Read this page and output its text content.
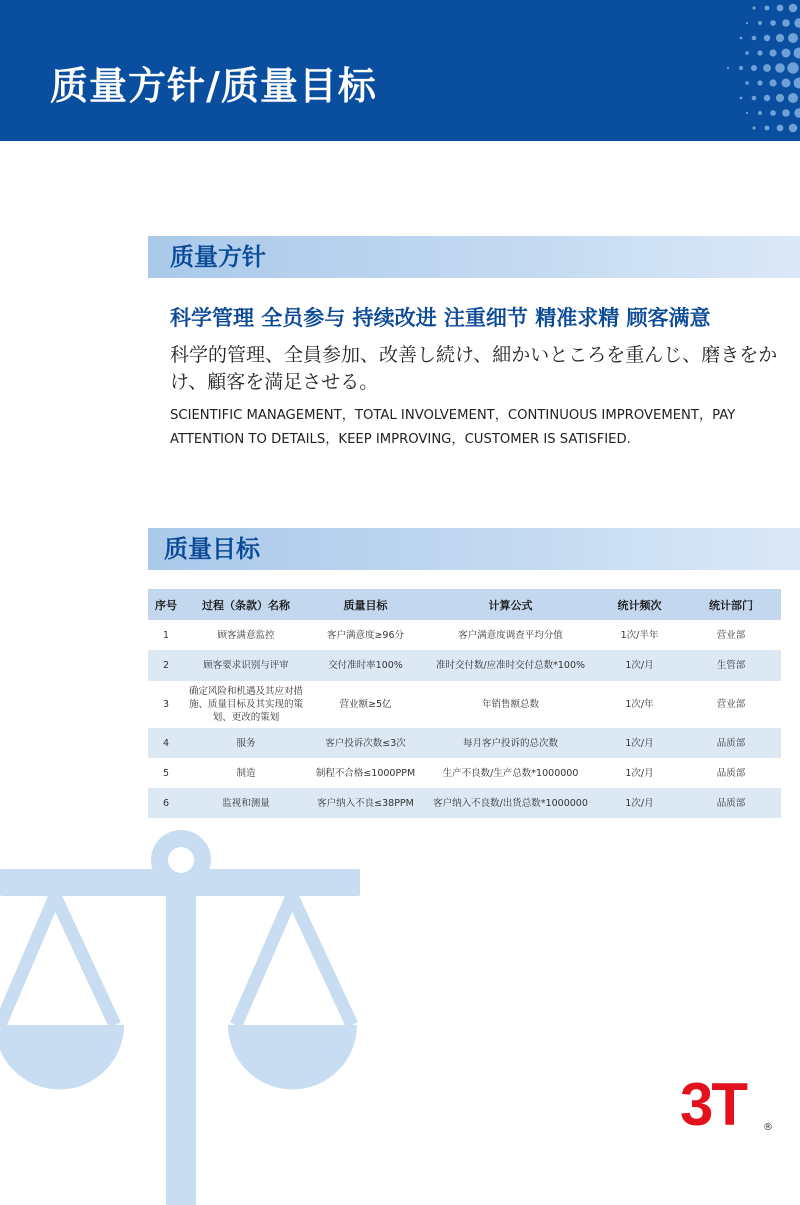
质量方针/质量目标
质量方针
科学管理 全员参与 持续改进 注重细节 精准求精 顾客满意
科学的管理、全員参加、改善し続け、細かいところを重んじ、磨きをかけ、顧客を満足させる。
SCIENTIFIC MANAGEMENT，TOTAL INVOLVEMENT，CONTINUOUS IMPROVEMENT，PAY ATTENTION TO DETAILS，KEEP IMPROVING，CUSTOMER IS SATISFIED.
质量目标
序号	过程（条款）名称	质量目标	计算公式	统计频次	统计部门
1	顾客满意监控	客户满意度≥96分	客户满意度调查平均分值	1次/半年	营业部
2	顾客要求识别与评审	交付准时率100%	准时交付数/应准时交付总数*100%	1次/月	生管部
3	确定风险和机遇及其应对措施、质量目标及其实现的策划、更改的策划	营业额≥5亿	年销售额总数	1次/年	营业部
4	服务	客户投诉次数≤3次	每月客户投诉的总次数	1次/月	品质部
5	制造	制程不合格≤1000PPM	生产不良数/生产总数*1000000	1次/月	品质部
6	监视和测量	客户纳入不良≤38PPM	客户纳入不良数/出货总数*1000000	1次/月	品质部
3T ®
